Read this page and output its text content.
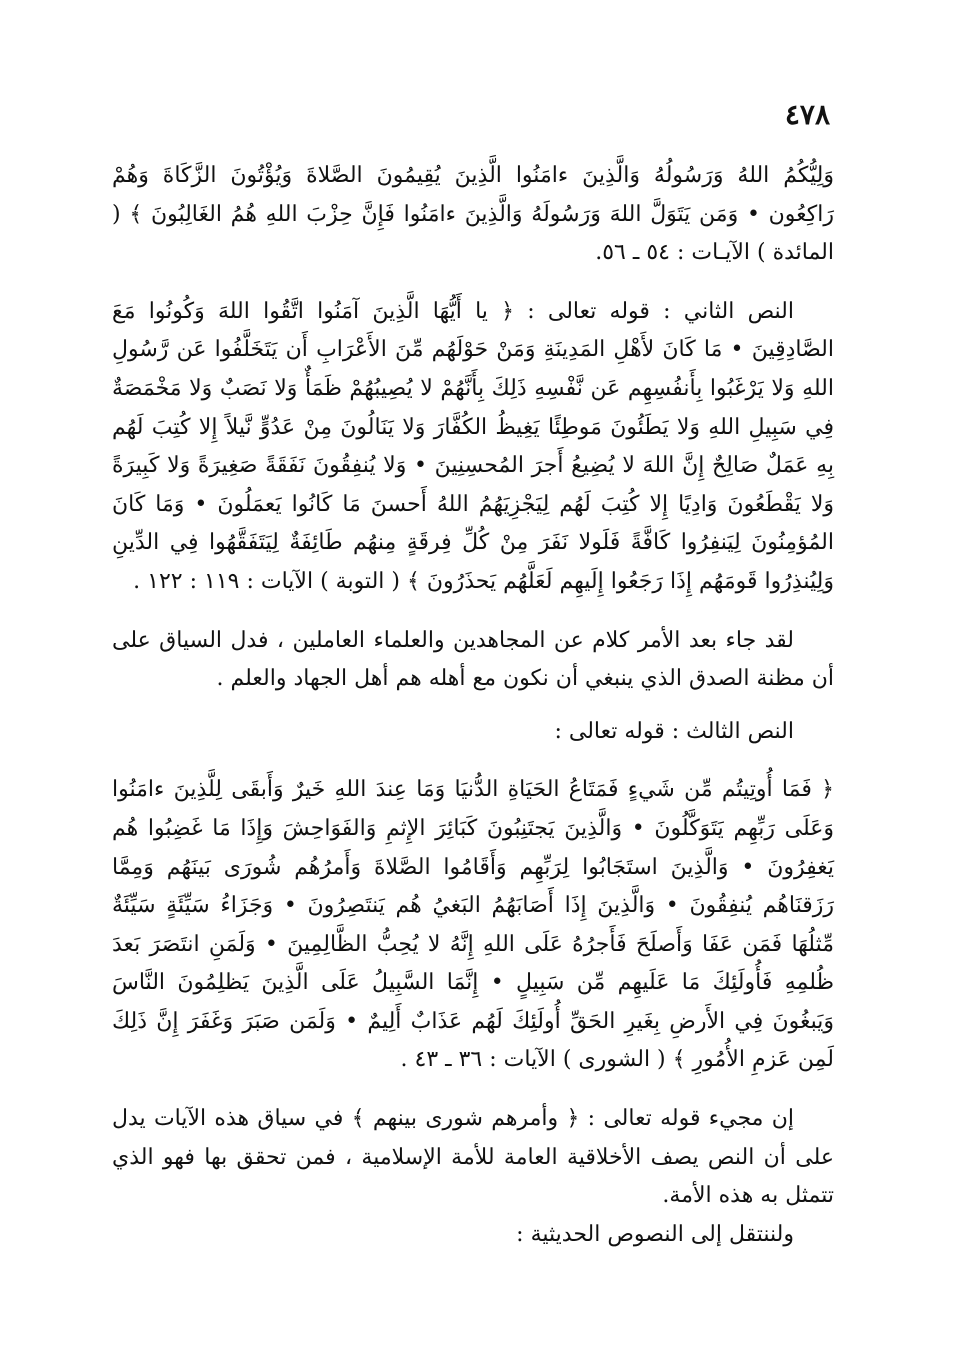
٤٧٨

وَلِيُّكُمُ اللهُ وَرَسُولُهُ وَالَّذِينَ ءامَنُوا الَّذِينَ يُقِيمُونَ الصَّلاةَ وَيُؤْتُونَ الزَّكَاةَ وَهُمْ رَاكِعُون • وَمَن يَتَوَلَّ اللهَ وَرَسُولَهُ وَالَّذِينَ ءامَنُوا فَإِنَّ حِزْبَ اللهِ هُمُ الغَالِبُونَ ﴾ ( المائدة ) الآيـات : ٥٤ ـ ٥٦.

النص الثاني : قوله تعالى : ﴿ يا أَيُّهَا الَّذِينَ آمَنُوا اتَّقُوا اللهَ وَكُونُوا مَعَ الصَّادِقِينَ • مَا كَانَ لأَهْلِ المَدِينَةِ وَمَنْ حَوْلَهُم مِّنَ الأَعْرَابِ أَن يَتَخَلَّفُوا عَن رَّسُولِ اللهِ وَلا يَرْغَبُوا بِأَنفُسِهِم عَن نَّفْسِهِ ذَلِكَ بِأَنَّهُمْ لا يُصِيبُهُمْ ظَمَأٌ وَلا نَصَبٌ وَلا مَخْمَصَةٌ فِي سَبِيلِ اللهِ وَلا يَطَئُونَ مَوطِئًا يَغِيظُ الكُفَّارَ وَلا يَنَالُونَ مِنْ عَدُوٍّ نَّيلاً إِلا كُتِبَ لَهُم بِهِ عَمَلٌ صَالِحٌ إِنَّ اللهَ لا يُضِيعُ أَجرَ المُحسِنِينَ • وَلا يُنفِقُونَ نَفَقَةً صَغِيرَةً وَلا كَبِيرَةً وَلا يَقْطَعُونَ وَادِيًا إِلا كُتِبَ لَهُم لِيَجْزِيَهُمُ اللهُ أَحسنَ مَا كَانُوا يَعمَلُونَ • وَمَا كَانَ المُؤمِنُونَ لِيَنفِرُوا كَافَّةً فَلَولا نَفَرَ مِنْ كُلِّ فِرقَةٍ مِنهُم طَائِفَةٌ لِيَتَفَقَّهُوا فِي الدِّينِ وَلِيُنذِرُوا قَومَهُم إِذَا رَجَعُوا إِلَيهِم لَعَلَّهُم يَحذَرُونَ ﴾ ( التوبة ) الآيات : ١١٩ : ١٢٢ .

لقد جاء بعد الأمر كلام عن المجاهدين والعلماء العاملين ، فدل السياق على أن مظنة الصدق الذي ينبغي أن نكون مع أهله هم أهل الجهاد والعلم .

النص الثالث : قوله تعالى :

﴿ فَمَا أُوتِيتُم مِّن شَيءٍ فَمَتَاعُ الحَيَاةِ الدُّنيَا وَمَا عِندَ اللهِ خَيرٌ وَأَبقَى لِلَّذِينَ ءامَنُوا وَعَلَى رَبِّهِم يَتَوَكَّلُونَ • وَالَّذِينَ يَجتَنِبُونَ كَبَائِرَ الإِثمِ وَالفَوَاحِشَ وَإِذَا مَا غَضِبُوا هُم يَغفِرُونَ • وَالَّذِينَ استَجَابُوا لِرَبِّهِم وَأَقَامُوا الصَّلاةَ وَأَمرُهُم شُورَى بَينَهُم وَمِمَّا رَزَقنَاهُم يُنفِقُونَ • وَالَّذِينَ إِذَا أَصَابَهُمُ البَغيُ هُم يَنتَصِرُونَ • وَجَزَاءُ سَيِّئَةٍ سَيِّئَةٌ مِّثلُهَا فَمَن عَفَا وَأَصلَحَ فَأَجرُهُ عَلَى اللهِ إِنَّهُ لا يُحِبُّ الظَّالِمِينَ • وَلَمَنِ انتَصَرَ بَعدَ ظُلمِهِ فَأُولَئِكَ مَا عَلَيهِم مِّن سَبِيلٍ • إِنَّمَا السَّبِيلُ عَلَى الَّذِينَ يَظلِمُونَ النَّاسَ وَيَبغُونَ فِي الأَرضِ بِغَيرِ الحَقِّ أُولَئِكَ لَهُم عَذَابٌ أَلِيمٌ • وَلَمَن صَبَرَ وَغَفَرَ إِنَّ ذَلِكَ لَمِن عَزمِ الأُمُورِ ﴾ ( الشورى ) الآيات : ٣٦ ـ ٤٣ .

إن مجيء قوله تعالى : ﴿ وأمرهم شورى بينهم ﴾ في سياق هذه الآيات يدل على أن النص يصف الأخلاقية العامة للأمة الإسلامية ، فمن تحقق بها فهو الذي تتمثل به هذه الأمة.

ولننتقل إلى النصوص الحديثية :
